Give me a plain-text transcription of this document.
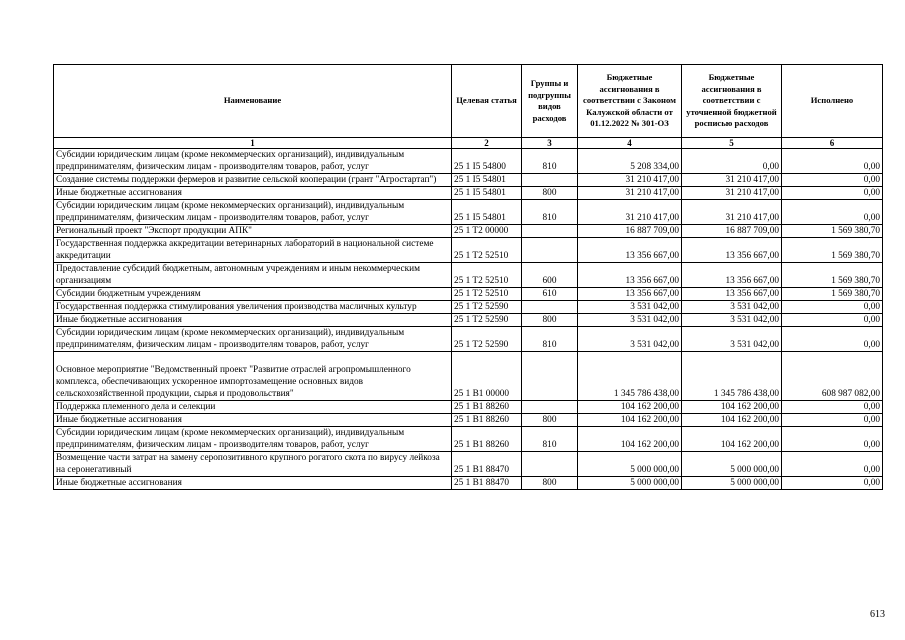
Наименование	Целевая статья	Группы и подгруппы видов расходов	Бюджетные ассигнования в соответствии с Законом Калужской области от 01.12.2022 № 301-ОЗ	Бюджетные ассигнования в соответствии с уточненной бюджетной росписью расходов	Исполнено
1	2	3	4	5	6
Субсидии юридическим лицам (кроме некоммерческих организаций), индивидуальным предпринимателям, физическим лицам - производителям товаров, работ, услуг	25 1 I5 54800	810	5 208 334,00	0,00	0,00
Создание системы поддержки фермеров и развитие сельской кооперации (грант "Агростартап")	25 1 I5 54801		31 210 417,00	31 210 417,00	0,00
Иные бюджетные ассигнования	25 1 I5 54801	800	31 210 417,00	31 210 417,00	0,00
Субсидии юридическим лицам (кроме некоммерческих организаций), индивидуальным предпринимателям, физическим лицам - производителям товаров, работ, услуг	25 1 I5 54801	810	31 210 417,00	31 210 417,00	0,00
Региональный проект "Экспорт продукции АПК"	25 1 T2 00000		16 887 709,00	16 887 709,00	1 569 380,70
Государственная поддержка аккредитации ветеринарных лабораторий в национальной системе аккредитации	25 1 T2 52510		13 356 667,00	13 356 667,00	1 569 380,70
Предоставление субсидий бюджетным, автономным учреждениям и иным некоммерческим организациям	25 1 T2 52510	600	13 356 667,00	13 356 667,00	1 569 380,70
Субсидии бюджетным учреждениям	25 1 T2 52510	610	13 356 667,00	13 356 667,00	1 569 380,70
Государственная поддержка стимулирования увеличения производства масличных культур	25 1 T2 52590		3 531 042,00	3 531 042,00	0,00
Иные бюджетные ассигнования	25 1 T2 52590	800	3 531 042,00	3 531 042,00	0,00
Субсидии юридическим лицам (кроме некоммерческих организаций), индивидуальным предпринимателям, физическим лицам - производителям товаров, работ, услуг	25 1 T2 52590	810	3 531 042,00	3 531 042,00	0,00
Основное мероприятие "Ведомственный проект "Развитие отраслей агропромышленного комплекса, обеспечивающих ускоренное импортозамещение основных видов сельскохозяйственной продукции, сырья и продовольствия"	25 1 B1 00000		1 345 786 438,00	1 345 786 438,00	608 987 082,00
Поддержка племенного дела и селекции	25 1 B1 88260		104 162 200,00	104 162 200,00	0,00
Иные бюджетные ассигнования	25 1 B1 88260	800	104 162 200,00	104 162 200,00	0,00
Субсидии юридическим лицам (кроме некоммерческих организаций), индивидуальным предпринимателям, физическим лицам - производителям товаров, работ, услуг	25 1 B1 88260	810	104 162 200,00	104 162 200,00	0,00
Возмещение части затрат на замену серопозитивного крупного рогатого скота по вирусу лейкоза на серонегативный	25 1 B1 88470		5 000 000,00	5 000 000,00	0,00
Иные бюджетные ассигнования	25 1 B1 88470	800	5 000 000,00	5 000 000,00	0,00
613
